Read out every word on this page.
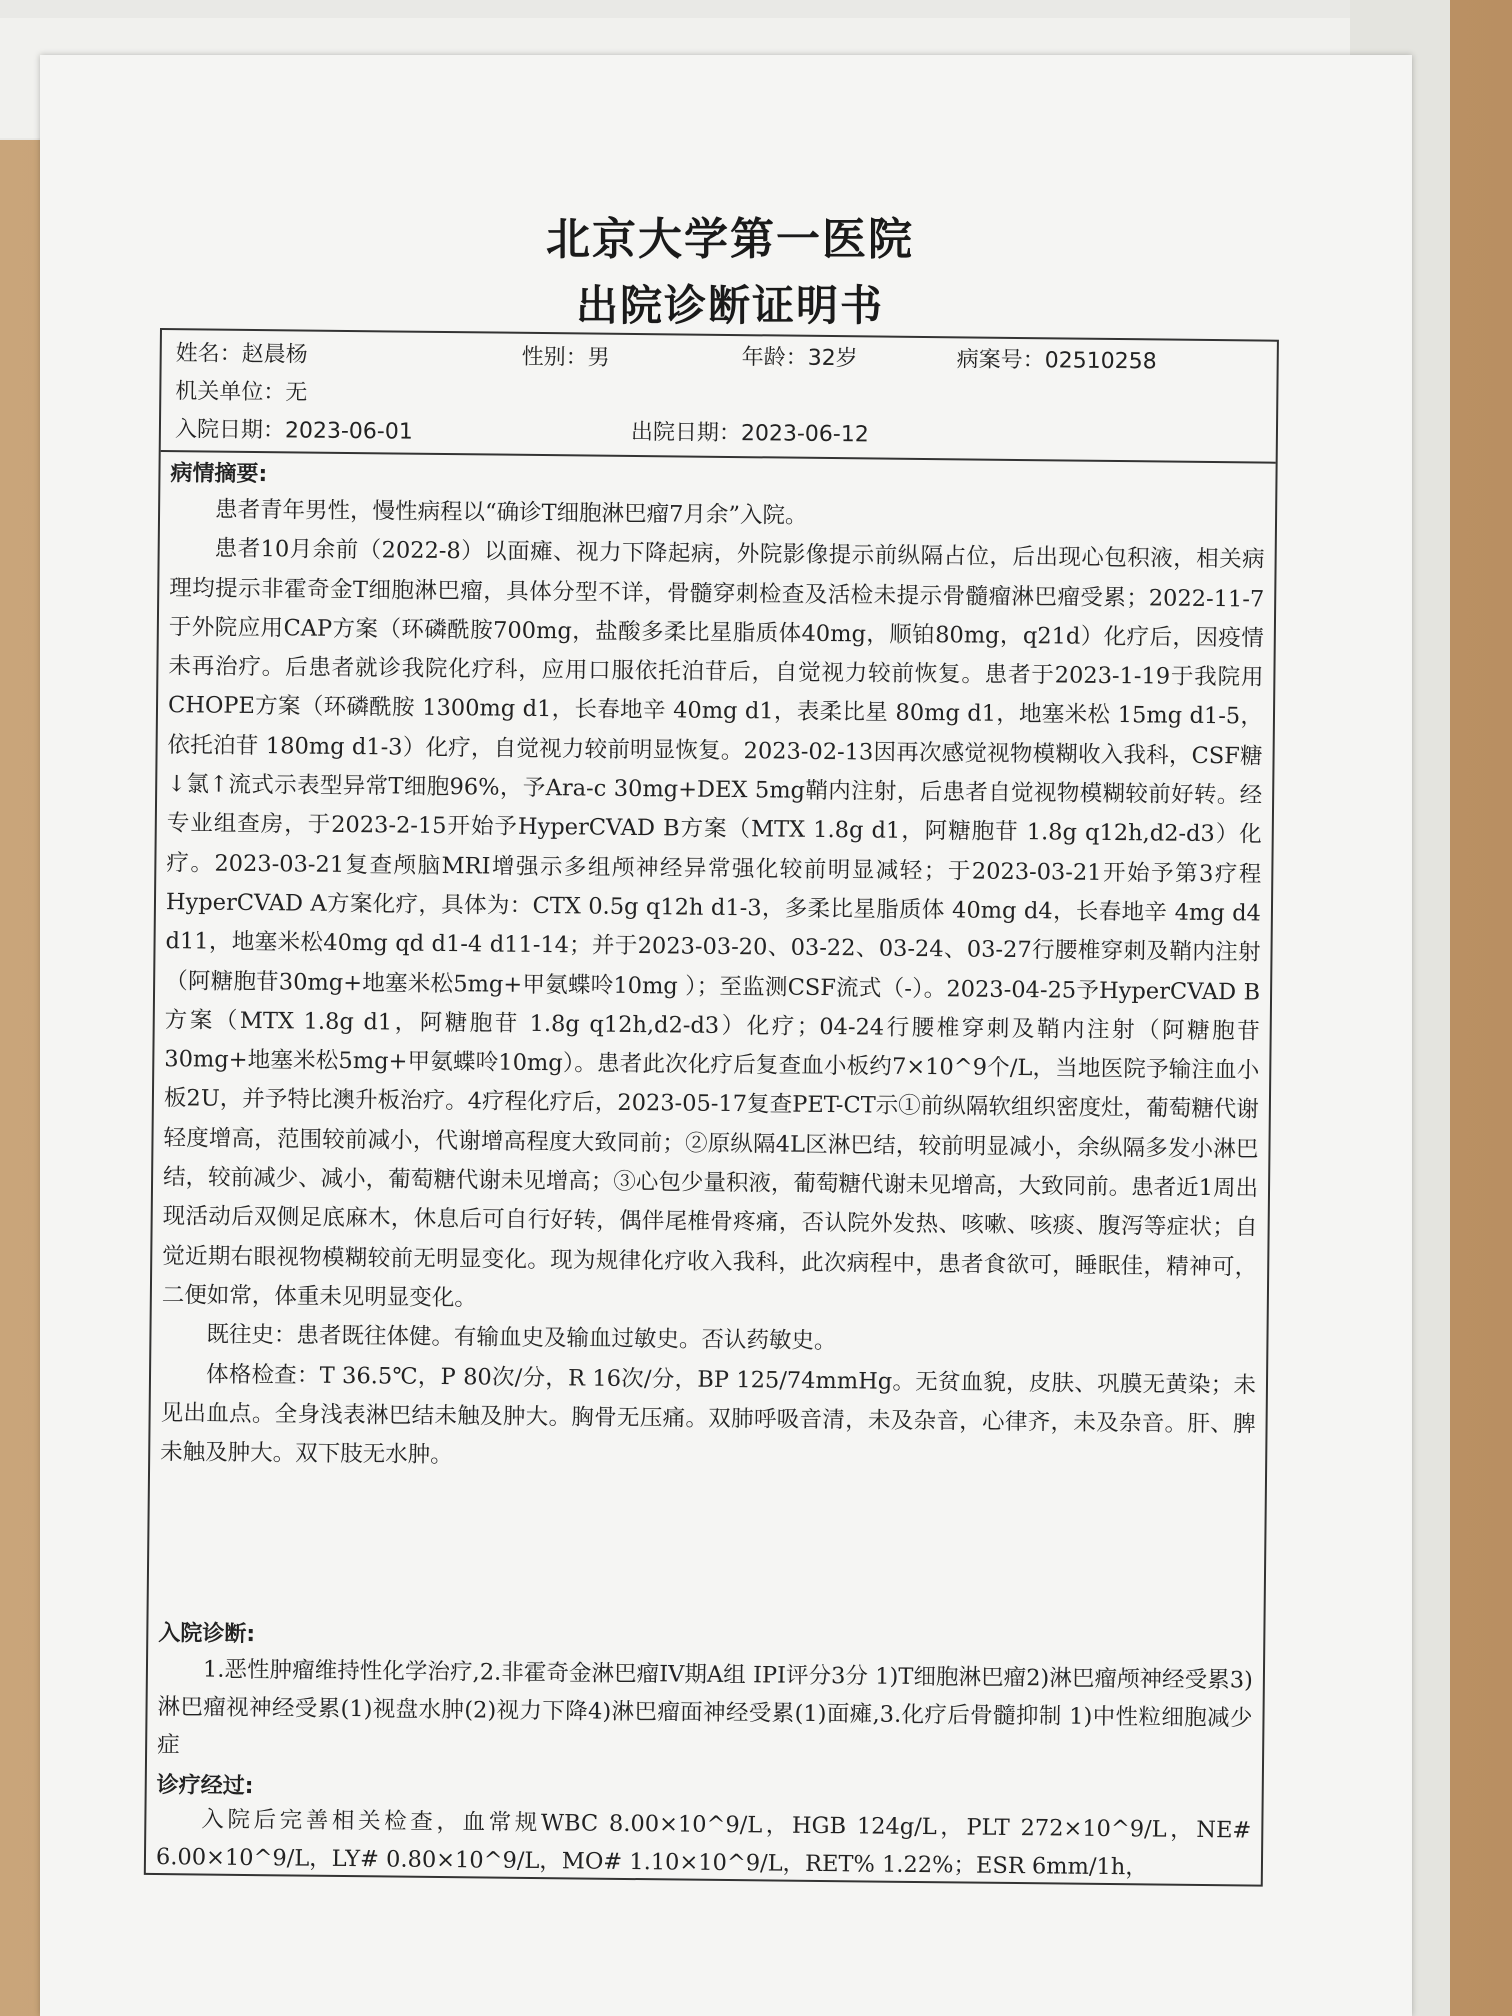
北京大学第一医院
出院诊断证明书
姓名：赵晨杨	性别：男	年龄：32岁	病案号：02510258
机关单位：无
入院日期：2023-06-01	出院日期：2023-06-12
病情摘要:

患者青年男性，慢性病程以“确诊T细胞淋巴瘤7月余”入院。

患者10月余前（2022-8）以面瘫、视力下降起病，外院影像提示前纵隔占位，后出现心包积液，相关病理均提示非霍奇金T细胞淋巴瘤，具体分型不详，骨髓穿刺检查及活检未提示骨髓瘤淋巴瘤受累；2022-11-7于外院应用CAP方案（环磷酰胺700mg，盐酸多柔比星脂质体40mg，顺铂80mg，q21d）化疗后，因疫情未再治疗。后患者就诊我院化疗科，应用口服依托泊苷后，自觉视力较前恢复。患者于2023-1-19于我院用CHOPE方案（环磷酰胺 1300mg d1，长春地辛 40mg d1，表柔比星 80mg d1，地塞米松 15mg d1-5，依托泊苷 180mg d1-3）化疗，自觉视力较前明显恢复。2023-02-13因再次感觉视物模糊收入我科，CSF糖↓氯↑流式示表型异常T细胞96%，予Ara-c 30mg+DEX 5mg鞘内注射，后患者自觉视物模糊较前好转。经专业组查房，于2023-2-15开始予HyperCVAD B方案（MTX 1.8g d1，阿糖胞苷 1.8g q12h,d2-d3）化疗。2023-03-21复查颅脑MRI增强示多组颅神经异常强化较前明显减轻；于2023-03-21开始予第3疗程HyperCVAD A方案化疗，具体为：CTX 0.5g q12h d1-3，多柔比星脂质体 40mg d4，长春地辛 4mg d4 d11，地塞米松40mg qd d1-4 d11-14；并于2023-03-20、03-22、03-24、03-27行腰椎穿刺及鞘内注射（阿糖胞苷30mg+地塞米松5mg+甲氨蝶呤10mg ）；至监测CSF流式（-）。2023-04-25予HyperCVAD B方案（MTX 1.8g d1，阿糖胞苷 1.8g q12h,d2-d3）化疗；04-24行腰椎穿刺及鞘内注射（阿糖胞苷30mg+地塞米松5mg+甲氨蝶呤10mg）。患者此次化疗后复查血小板约7×10^9个/L，当地医院予输注血小板2U，并予特比澳升板治疗。4疗程化疗后，2023-05-17复查PET-CT示①前纵隔软组织密度灶，葡萄糖代谢轻度增高，范围较前减小，代谢增高程度大致同前；②原纵隔4L区淋巴结，较前明显减小，余纵隔多发小淋巴结，较前减少、减小，葡萄糖代谢未见增高；③心包少量积液，葡萄糖代谢未见增高，大致同前。患者近1周出现活动后双侧足底麻木，休息后可自行好转，偶伴尾椎骨疼痛，否认院外发热、咳嗽、咳痰、腹泻等症状；自觉近期右眼视物模糊较前无明显变化。现为规律化疗收入我科，此次病程中，患者食欲可，睡眠佳，精神可，二便如常，体重未见明显变化。

既往史：患者既往体健。有输血史及输血过敏史。否认药敏史。

体格检查：T 36.5℃，P 80次/分，R 16次/分，BP 125/74mmHg。无贫血貌，皮肤、巩膜无黄染；未见出血点。全身浅表淋巴结未触及肿大。胸骨无压痛。双肺呼吸音清，未及杂音，心律齐，未及杂音。肝、脾未触及肿大。双下肢无水肿。

入院诊断:

1.恶性肿瘤维持性化学治疗,2.非霍奇金淋巴瘤IV期A组 IPI评分3分 1)T细胞淋巴瘤2)淋巴瘤颅神经受累3)淋巴瘤视神经受累(1)视盘水肿(2)视力下降4)淋巴瘤面神经受累(1)面瘫,3.化疗后骨髓抑制 1)中性粒细胞减少症

诊疗经过:

入院后完善相关检查，血常规WBC 8.00×10^9/L，HGB 124g/L，PLT 272×10^9/L，NE# 6.00×10^9/L，LY# 0.80×10^9/L，MO# 1.10×10^9/L，RET% 1.22%；ESR 6mm/1h，
